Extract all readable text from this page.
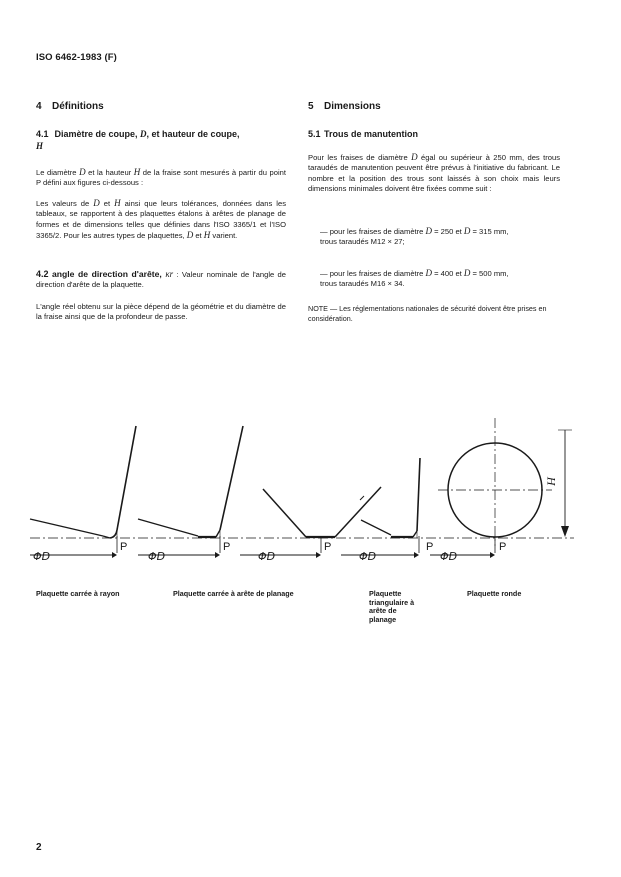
ISO 6462-1983 (F)
4 Définitions
4.1 Diamètre de coupe, D, et hauteur de coupe,
H
Le diamètre D et la hauteur H de la fraise sont mesurés à partir du point P défini aux figures ci-dessous :
Les valeurs de D et H ainsi que leurs tolérances, données dans les tableaux, se rapportent à des plaquettes étalons à arêtes de planage de formes et de dimensions telles que définies dans l'ISO 3365/1 et l'ISO 3365/2. Pour les autres types de plaquettes, D et H varient.
4.2 angle de direction d'arête, κr : Valeur nominale de l'angle de direction d'arête de la plaquette.
L'angle réel obtenu sur la pièce dépend de la géométrie et du diamètre de la fraise ainsi que de la profondeur de passe.
5 Dimensions
5.1 Trous de manutention
Pour les fraises de diamètre D égal ou supérieur à 250 mm, des trous taraudés de manutention peuvent être prévus à l'initiative du fabricant. Le nombre et la position des trous sont laissés à son choix mais leurs dimensions minimales doivent être fixées comme suit :
— pour les fraises de diamètre D = 250 et D = 315 mm,
trous taraudés M12 × 27;
— pour les fraises de diamètre D = 400 et D = 500 mm,
trous taraudés M16 × 34.
NOTE — Les réglementations nationales de sécurité doivent être prises en considération.
P	P	P	P	P
ΦD	ΦD	ΦD	ΦD	ΦD
H
Plaquette carrée à rayon	Plaquette carrée à arête de planage	Plaquette triangulaire à arête de planage
Plaquette ronde
2
